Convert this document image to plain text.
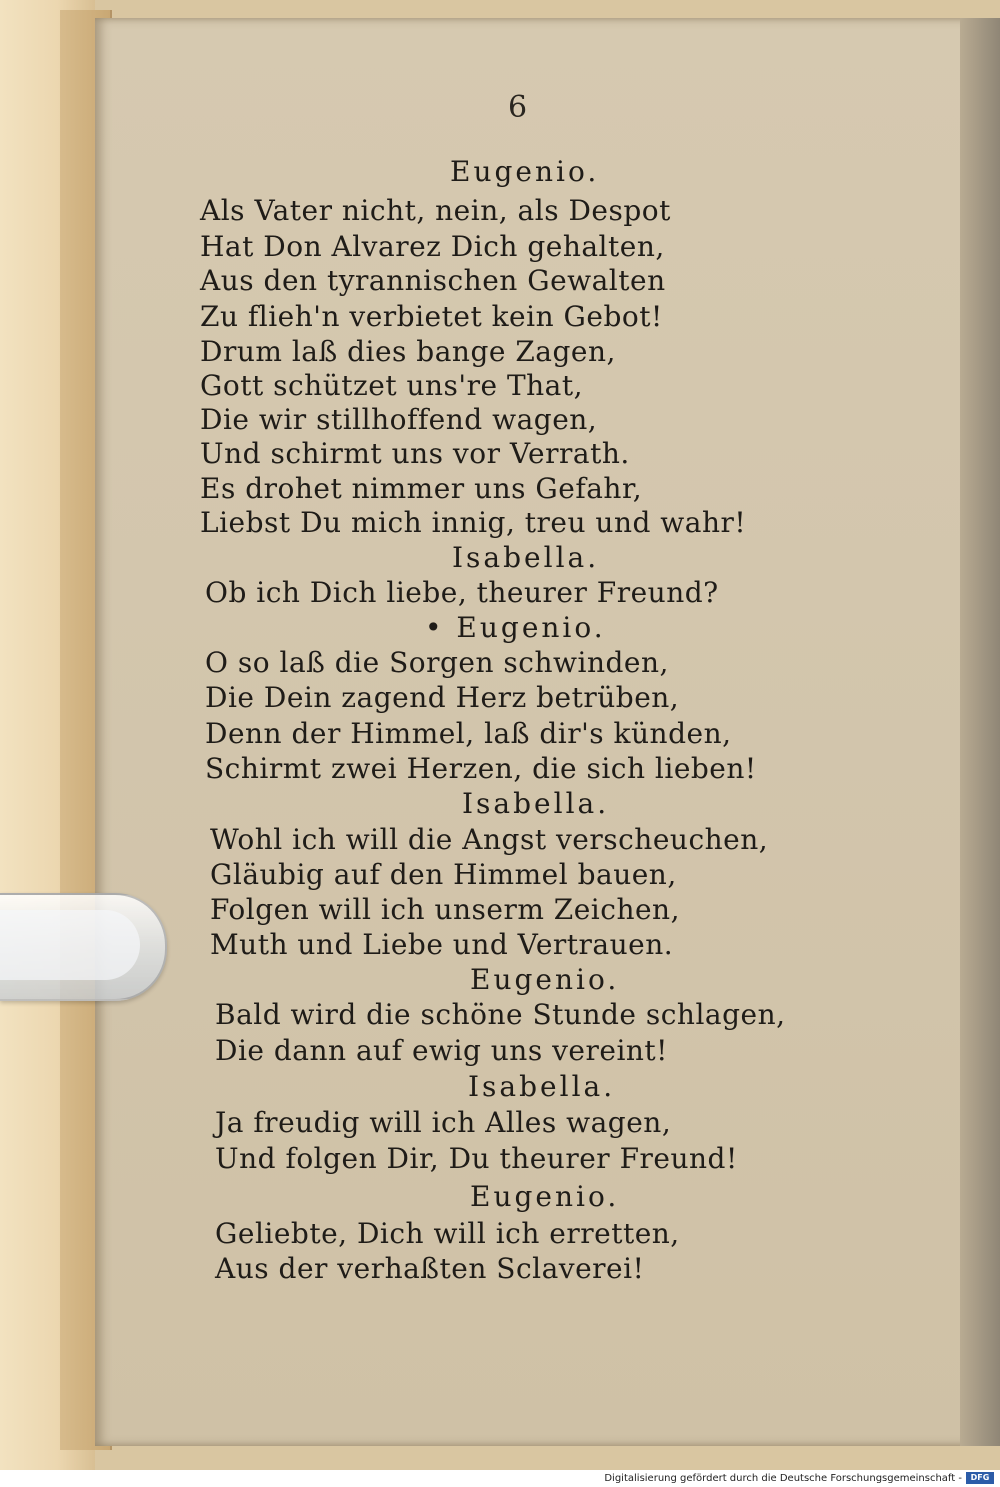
6
Eugenio.
Als Vater nicht, nein, als Despot
Hat Don Alvarez Dich gehalten,
Aus den tyrannischen Gewalten
Zu flieh'n verbietet kein Gebot!
Drum laß dies bange Zagen,
Gott schützet uns're That,
Die wir stillhoffend wagen,
Und schirmt uns vor Verrath.
Es drohet nimmer uns Gefahr,
Liebst Du mich innig, treu und wahr!
Isabella.
Ob ich Dich liebe, theurer Freund?
• Eugenio.
O so laß die Sorgen schwinden,
Die Dein zagend Herz betrüben,
Denn der Himmel, laß dir's künden,
Schirmt zwei Herzen, die sich lieben!
Isabella.
Wohl ich will die Angst verscheuchen,
Gläubig auf den Himmel bauen,
Folgen will ich unserm Zeichen,
Muth und Liebe und Vertrauen.
Eugenio.
Bald wird die schöne Stunde schlagen,
Die dann auf ewig uns vereint!
Isabella.
Ja freudig will ich Alles wagen,
Und folgen Dir, Du theurer Freund!
Eugenio.
Geliebte, Dich will ich erretten,
Aus der verhaßten Sclaverei!
Digitalisierung gefördert durch die Deutsche Forschungsgemeinschaft -	DFG
